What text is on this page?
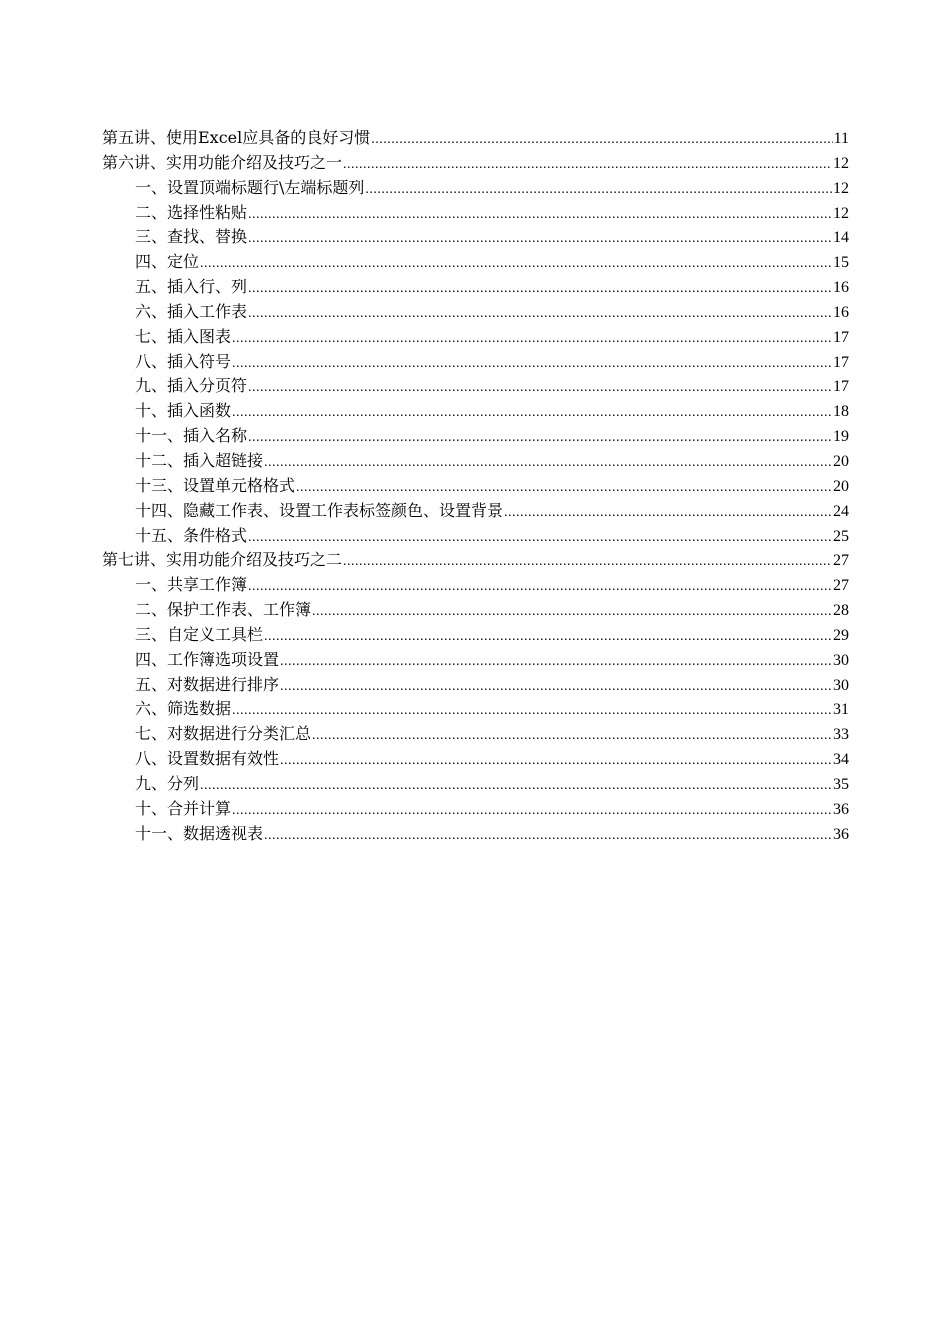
第五讲、使用Excel应具备的良好习惯 .....	11
第六讲、实用功能介绍及技巧之一 .....	12
一、设置顶端标题行\左端标题列 .....	12
二、选择性粘贴 .....	12
三、查找、替换 .....	14
四、定位 .....	15
五、插入行、列 .....	16
六、插入工作表 .....	16
七、插入图表 .....	17
八、插入符号 .....	17
九、插入分页符 .....	17
十、插入函数 .....	18
十一、插入名称 .....	19
十二、插入超链接 .....	20
十三、设置单元格格式 .....	20
十四、隐藏工作表、设置工作表标签颜色、设置背景 .....	24
十五、条件格式 .....	25
第七讲、实用功能介绍及技巧之二 .....	27
一、共享工作簿 .....	27
二、保护工作表、工作簿 .....	28
三、自定义工具栏 .....	29
四、工作簿选项设置 .....	30
五、对数据进行排序 .....	30
六、筛选数据 .....	31
七、对数据进行分类汇总 .....	33
八、设置数据有效性 .....	34
九、分列 .....	35
十、合并计算 .....	36
十一、数据透视表 .....	36
